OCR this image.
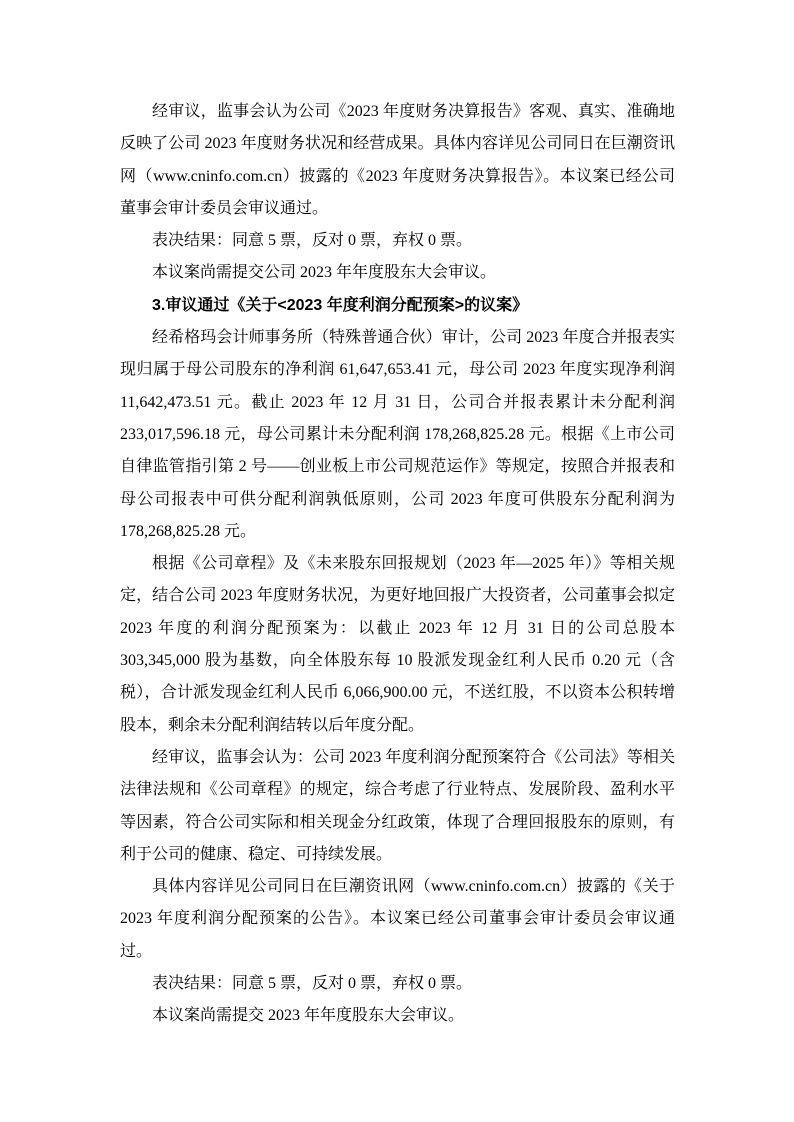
经审议，监事会认为公司《2023 年度财务决算报告》客观、真实、准确地反映了公司 2023 年度财务状况和经营成果。具体内容详见公司同日在巨潮资讯网（www.cninfo.com.cn）披露的《2023 年度财务决算报告》。本议案已经公司董事会审计委员会审议通过。

表决结果：同意 5 票，反对 0 票，弃权 0 票。

本议案尚需提交公司 2023 年年度股东大会审议。

3.审议通过《关于<2023 年度利润分配预案>的议案》

经希格玛会计师事务所（特殊普通合伙）审计，公司 2023 年度合并报表实现归属于母公司股东的净利润 61,647,653.41 元，母公司 2023 年度实现净利润 11,642,473.51 元。截止 2023 年 12 月 31 日，公司合并报表累计未分配利润 233,017,596.18 元，母公司累计未分配利润 178,268,825.28 元。根据《上市公司自律监管指引第 2 号——创业板上市公司规范运作》等规定，按照合并报表和母公司报表中可供分配利润孰低原则，公司 2023 年度可供股东分配利润为 178,268,825.28 元。

根据《公司章程》及《未来股东回报规划（2023 年—2025 年）》等相关规定，结合公司 2023 年度财务状况，为更好地回报广大投资者，公司董事会拟定 2023 年度的利润分配预案为：以截止 2023 年 12 月 31 日的公司总股本 303,345,000 股为基数，向全体股东每 10 股派发现金红利人民币 0.20 元（含税），合计派发现金红利人民币 6,066,900.00 元，不送红股，不以资本公积转增股本，剩余未分配利润结转以后年度分配。

经审议，监事会认为：公司 2023 年度利润分配预案符合《公司法》等相关法律法规和《公司章程》的规定，综合考虑了行业特点、发展阶段、盈利水平等因素，符合公司实际和相关现金分红政策，体现了合理回报股东的原则，有利于公司的健康、稳定、可持续发展。

具体内容详见公司同日在巨潮资讯网（www.cninfo.com.cn）披露的《关于 2023 年度利润分配预案的公告》。本议案已经公司董事会审计委员会审议通过。

表决结果：同意 5 票，反对 0 票，弃权 0 票。

本议案尚需提交 2023 年年度股东大会审议。
